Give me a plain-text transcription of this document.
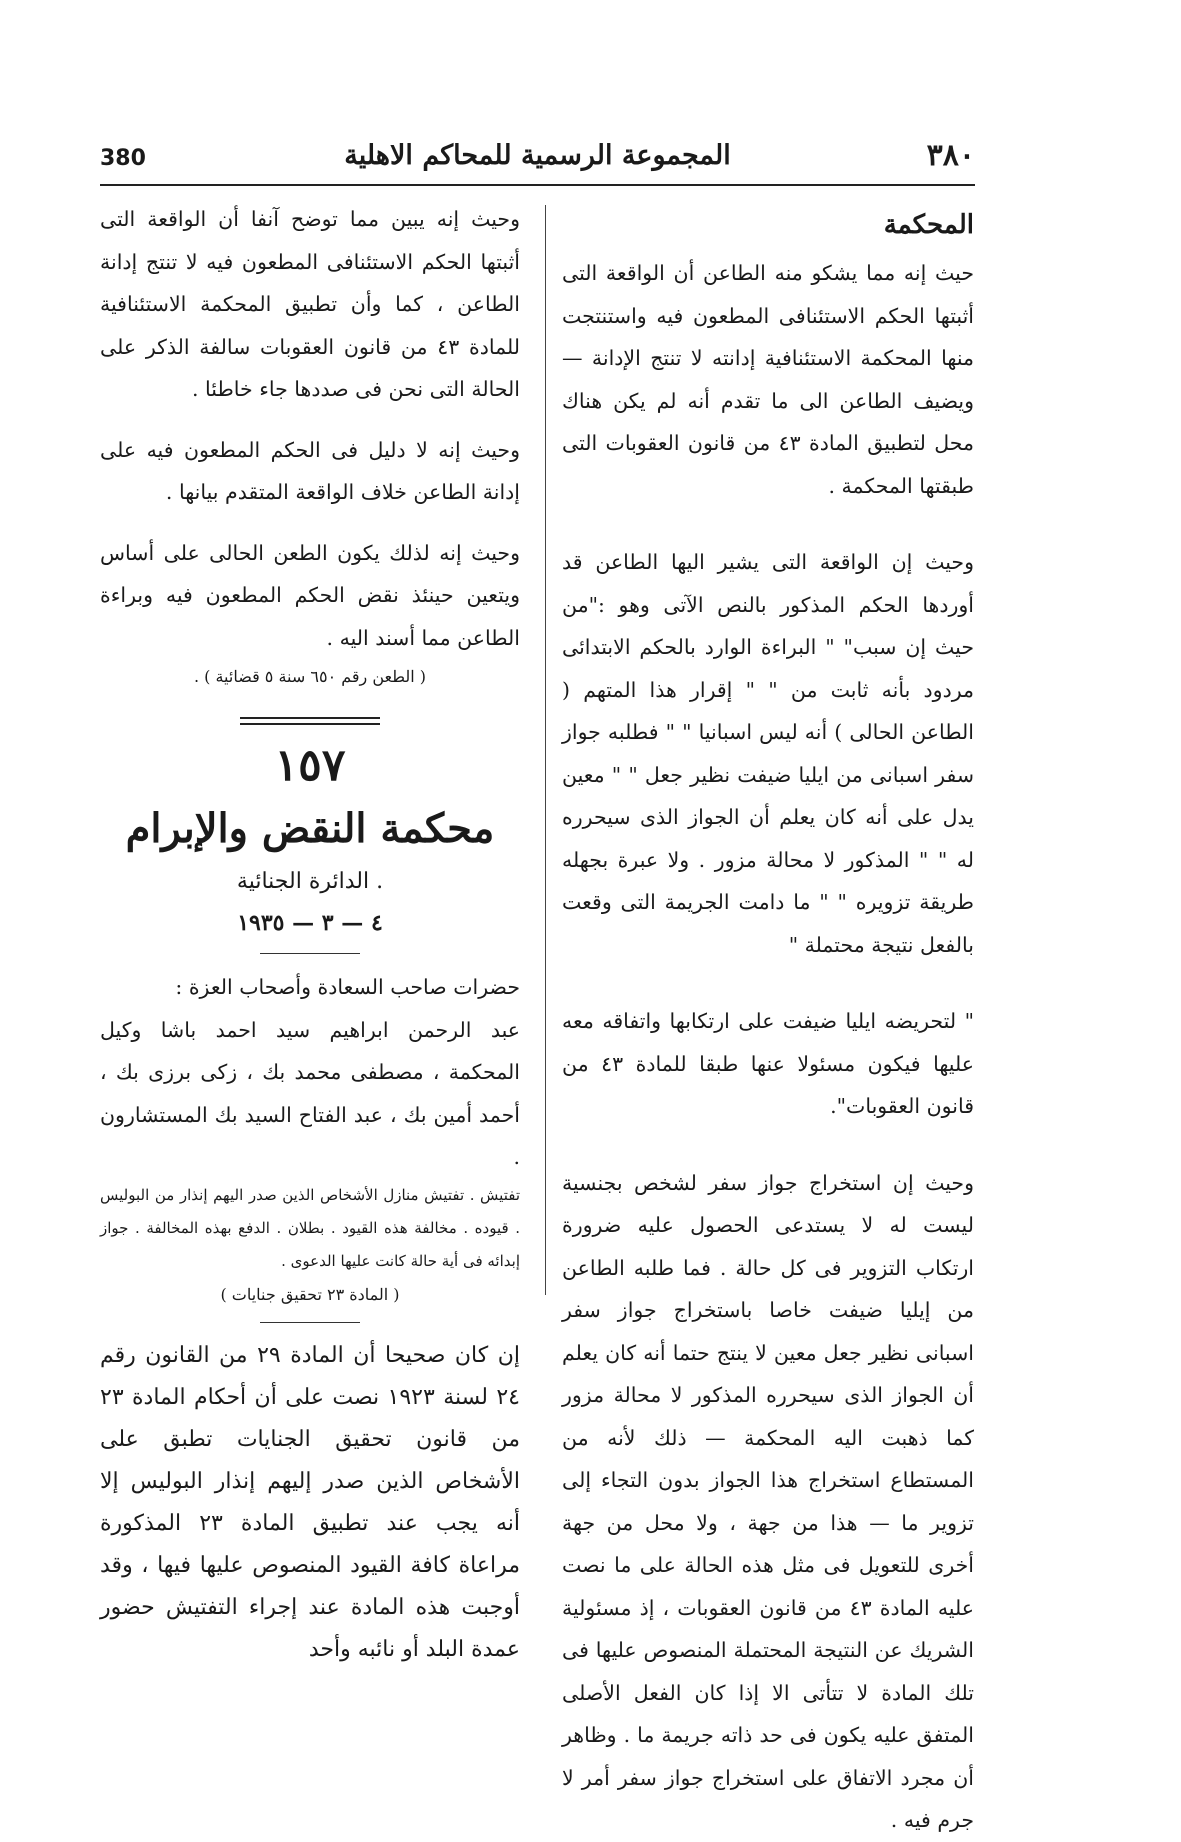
380	المجموعة الرسمية للمحاكم الاهلية	٣٨٠
المحكمة

حيث إنه مما يشكو منه الطاعن أن الواقعة التى أثبتها الحكم الاستئنافى المطعون فيه واستنتجت منها المحكمة الاستئنافية إدانته لا تنتج الإدانة — ويضيف الطاعن الى ما تقدم أنه لم يكن هناك محل لتطبيق المادة ٤٣ من قانون العقوبات التى طبقتها المحكمة .

وحيث إن الواقعة التى يشير اليها الطاعن قد أوردها الحكم المذكور بالنص الآتى وهو :"من حيث إن سبب" " البراءة الوارد بالحكم الابتدائى مردود بأنه ثابت من " " إقرار هذا المتهم ( الطاعن الحالى ) أنه ليس اسبانيا " " فطلبه جواز سفر اسبانى من ايليا ضيفت نظير جعل " " معين يدل على أنه كان يعلم أن الجواز الذى سيحرره له " " المذكور لا محالة مزور . ولا عبرة بجهله طريقة تزويره " " ما دامت الجريمة التى وقعت بالفعل نتيجة محتملة "

" لتحريضه ايليا ضيفت على ارتكابها واتفاقه معه عليها فيكون مسئولا عنها طبقا للمادة ٤٣ من قانون العقوبات".

وحيث إن استخراج جواز سفر لشخص بجنسية ليست له لا يستدعى الحصول عليه ضرورة ارتكاب التزوير فى كل حالة . فما طلبه الطاعن من إيليا ضيفت خاصا باستخراج جواز سفر اسبانى نظير جعل معين لا ينتج حتما أنه كان يعلم أن الجواز الذى سيحرره المذكور لا محالة مزور كما ذهبت اليه المحكمة — ذلك لأنه من المستطاع استخراج هذا الجواز بدون التجاء إلى تزوير ما — هذا من جهة ، ولا محل من جهة أخرى للتعويل فى مثل هذه الحالة على ما نصت عليه المادة ٤٣ من قانون العقوبات ، إذ مسئولية الشريك عن النتيجة المحتملة المنصوص عليها فى تلك المادة لا تتأتى الا إذا كان الفعل الأصلى المتفق عليه يكون فى حد ذاته جريمة ما . وظاهر أن مجرد الاتفاق على استخراج جواز سفر أمر لا جرم فيه .

وحيث إنه يبين مما توضح آنفا أن الواقعة التى أثبتها الحكم الاستئنافى المطعون فيه لا تنتج إدانة الطاعن ، كما وأن تطبيق المحكمة الاستئنافية للمادة ٤٣ من قانون العقوبات سالفة الذكر على الحالة التى نحن فى صددها جاء خاطئا .

وحيث إنه لا دليل فى الحكم المطعون فيه على إدانة الطاعن خلاف الواقعة المتقدم بيانها .

وحيث إنه لذلك يكون الطعن الحالى على أساس ويتعين حينئذ نقض الحكم المطعون فيه وبراءة الطاعن مما أسند اليه .

( الطعن رقم ٦٥٠ سنة ٥ قضائية ) .

١٥٧
محكمة النقض والإبرام
. الدائرة الجنائية
٤ — ٣ — ١٩٣٥

حضرات صاحب السعادة وأصحاب العزة :

عبد الرحمن ابراهيم سيد احمد باشا وكيل المحكمة ، مصطفى محمد بك ، زكى برزى بك ، أحمد أمين بك ، عبد الفتاح السيد بك المستشارون .

تفتيش . تفتيش منازل الأشخاص الذين صدر اليهم إنذار من البوليس . قيوده . مخالفة هذه القيود . بطلان . الدفع بهذه المخالفة . جواز إبدائه فى أية حالة كانت عليها الدعوى .

( المادة ٢٣ تحقيق جنايات )

إن كان صحيحا أن المادة ٢٩ من القانون رقم ٢٤ لسنة ١٩٢٣ نصت على أن أحكام المادة ٢٣ من قانون تحقيق الجنايات تطبق على الأشخاص الذين صدر إليهم إنذار البوليس إلا أنه يجب عند تطبيق المادة ٢٣ المذكورة مراعاة كافة القيود المنصوص عليها فيها ، وقد أوجبت هذه المادة عند إجراء التفتيش حضور عمدة البلد أو نائبه وأحد
